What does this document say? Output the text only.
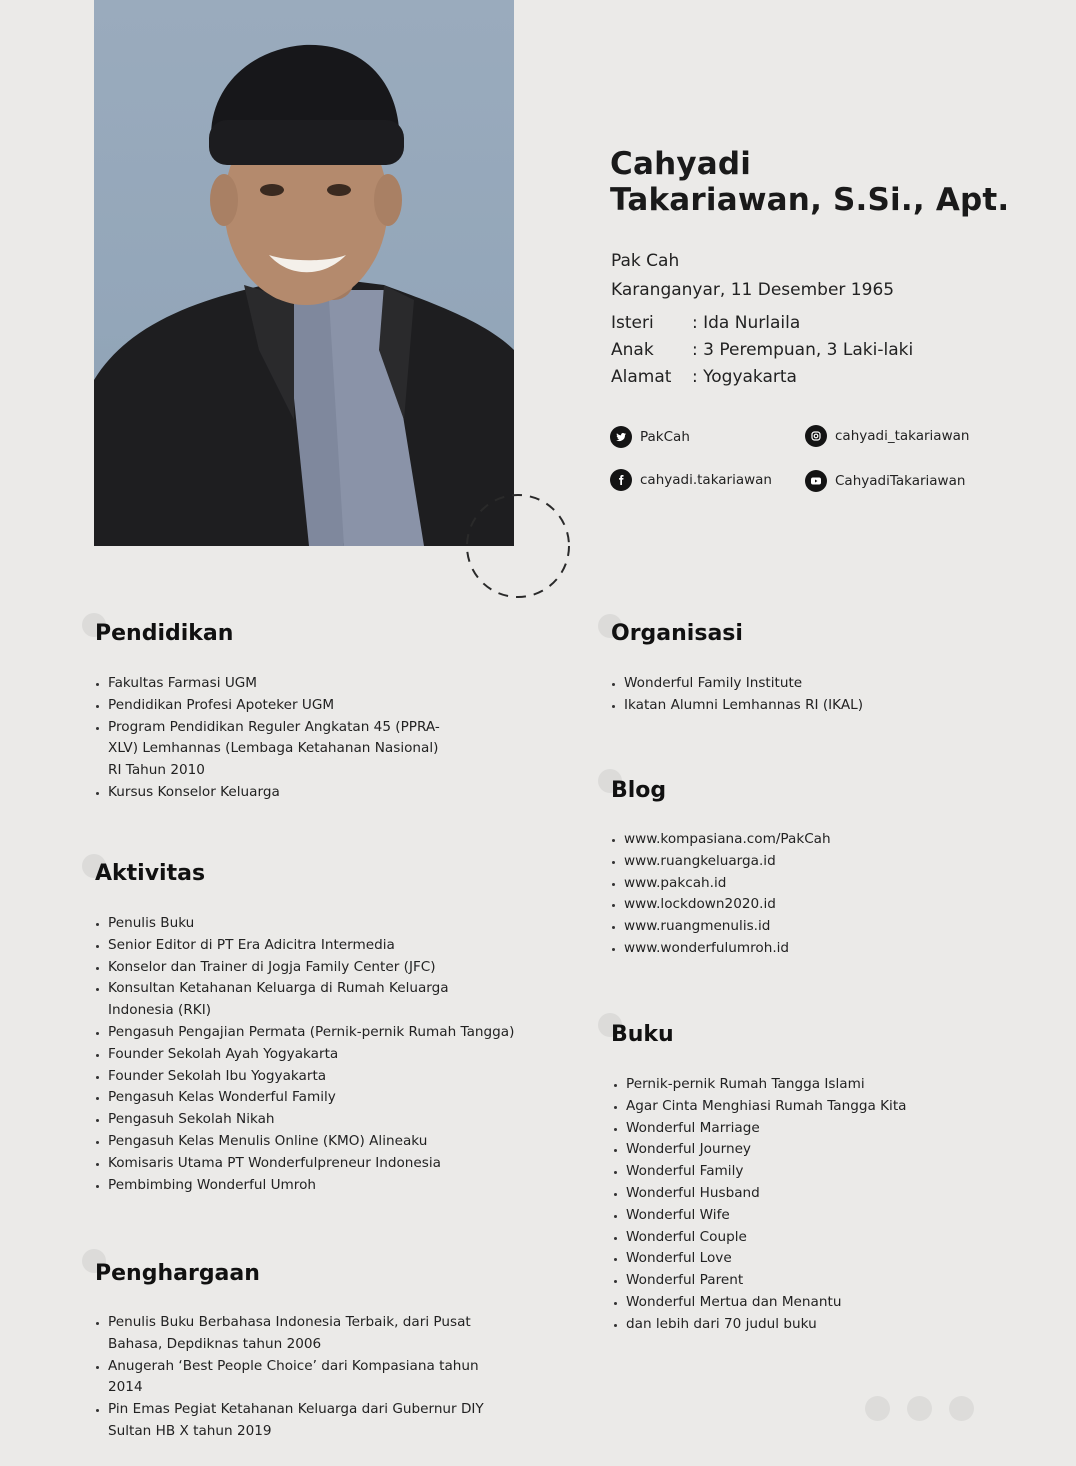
Cahyadi
Takariawan, S.Si., Apt.
Pak Cah
Karanganyar, 11 Desember 1965
Isteri : Ida Nurlaila
Anak : 3 Perempuan, 3 Laki-laki
Alamat : Yogyakarta
PakCah	cahyadi_takariawan
cahyadi.takariawan	CahyadiTakariawan
Pendidikan
Fakultas Farmasi UGM
Pendidikan Profesi Apoteker UGM
Program Pendidikan Reguler Angkatan 45 (PPRA-XLV) Lemhannas (Lembaga Ketahanan Nasional) RI Tahun 2010
Kursus Konselor Keluarga
Aktivitas
Penulis Buku
Senior Editor di PT Era Adicitra Intermedia
Konselor dan Trainer di Jogja Family Center (JFC)
Konsultan Ketahanan Keluarga di Rumah Keluarga Indonesia (RKI)
Pengasuh Pengajian Permata (Pernik-pernik Rumah Tangga)
Founder Sekolah Ayah Yogyakarta
Founder Sekolah Ibu Yogyakarta
Pengasuh Kelas Wonderful Family
Pengasuh Sekolah Nikah
Pengasuh Kelas Menulis Online (KMO) Alineaku
Komisaris Utama PT Wonderfulpreneur Indonesia
Pembimbing Wonderful Umroh
Penghargaan
Penulis Buku Berbahasa Indonesia Terbaik, dari Pusat Bahasa, Depdiknas tahun 2006
Anugerah ‘Best People Choice’ dari Kompasiana tahun 2014
Pin Emas Pegiat Ketahanan Keluarga dari Gubernur DIY Sultan HB X tahun 2019
Organisasi
Wonderful Family Institute
Ikatan Alumni Lemhannas RI (IKAL)
Blog
www.kompasiana.com/PakCah
www.ruangkeluarga.id
www.pakcah.id
www.lockdown2020.id
www.ruangmenulis.id
www.wonderfulumroh.id
Buku
Pernik-pernik Rumah Tangga Islami
Agar Cinta Menghiasi Rumah Tangga Kita
Wonderful Marriage
Wonderful Journey
Wonderful Family
Wonderful Husband
Wonderful Wife
Wonderful Couple
Wonderful Love
Wonderful Parent
Wonderful Mertua dan Menantu
dan lebih dari 70 judul buku
